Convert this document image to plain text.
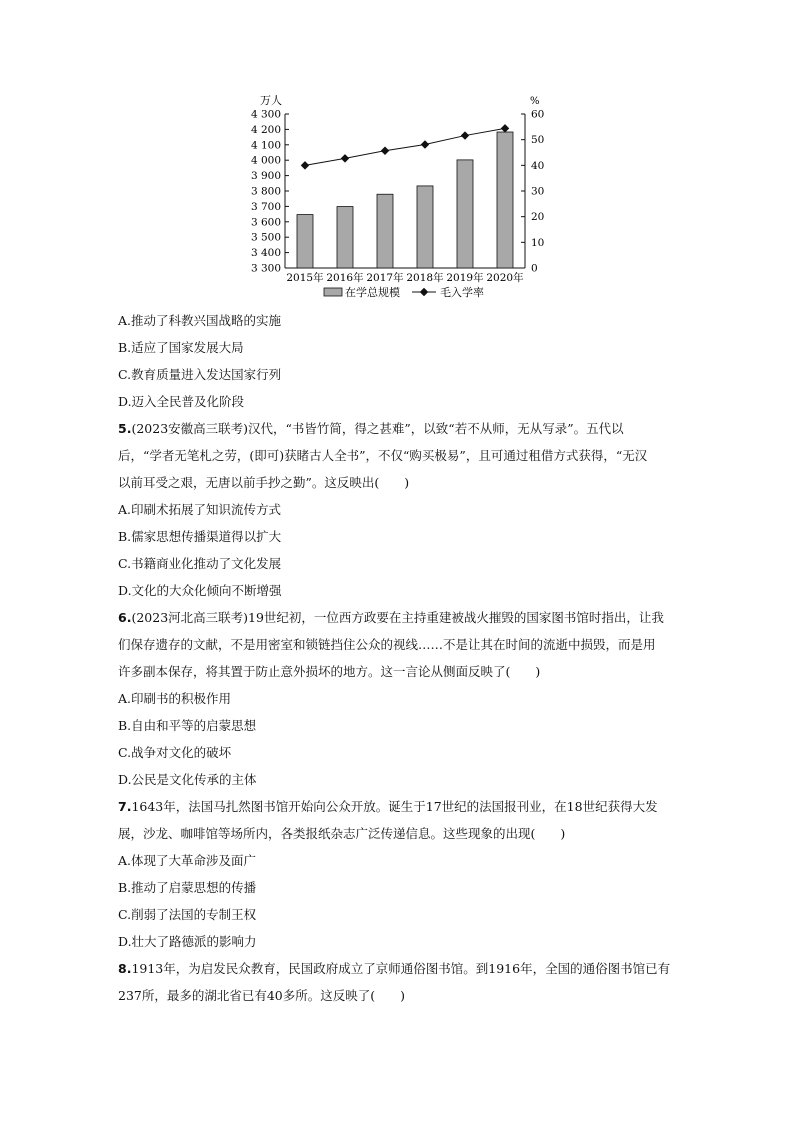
万人	%
3 300
3 400
3 500
3 600
3 700
3 800
3 900
4 000
4 100
4 200
4 300
0
10
20
30
40
50
60
2015年 2016年 2017年 2018年 2019年 2020年
在学总规模	毛入学率
A.推动了科教兴国战略的实施
B.适应了国家发展大局
C.教育质量进入发达国家行列
D.迈入全民普及化阶段
5.(2023安徽高三联考)汉代，“书皆竹简，得之甚难”，以致“若不从师，无从写录”。五代以
后，“学者无笔札之劳，(即可)获睹古人全书”，不仅“购买极易”，且可通过租借方式获得，“无汉
以前耳受之艰，无唐以前手抄之勤”。这反映出(　　)
A.印刷术拓展了知识流传方式
B.儒家思想传播渠道得以扩大
C.书籍商业化推动了文化发展
D.文化的大众化倾向不断增强
6.(2023河北高三联考)19世纪初，一位西方政要在主持重建被战火摧毁的国家图书馆时指出，让我
们保存遗存的文献，不是用密室和锁链挡住公众的视线……不是让其在时间的流逝中损毁，而是用
许多副本保存，将其置于防止意外损坏的地方。这一言论从侧面反映了(　　)
A.印刷书的积极作用
B.自由和平等的启蒙思想
C.战争对文化的破坏
D.公民是文化传承的主体
7.1643年，法国马扎然图书馆开始向公众开放。诞生于17世纪的法国报刊业，在18世纪获得大发
展，沙龙、咖啡馆等场所内，各类报纸杂志广泛传递信息。这些现象的出现(　　)
A.体现了大革命涉及面广
B.推动了启蒙思想的传播
C.削弱了法国的专制王权
D.壮大了路德派的影响力
8.1913年，为启发民众教育，民国政府成立了京师通俗图书馆。到1916年，全国的通俗图书馆已有
237所，最多的湖北省已有40多所。这反映了(　　)
